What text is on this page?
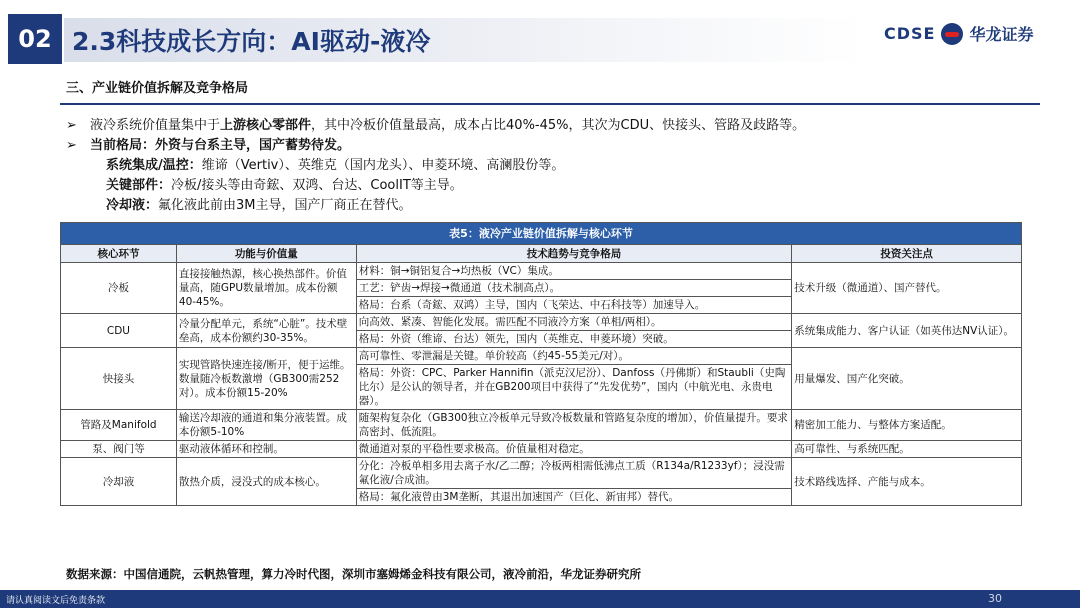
02 2.3科技成长方向：AI驱动-液冷	CDSE 华龙证券
三、产业链价值拆解及竞争格局
➢ 液冷系统价值量集中于上游核心零部件，其中冷板价值量最高，成本占比40%-45%，其次为CDU、快接头、管路及歧路等。
➢ 当前格局：外资与台系主导，国产蓄势待发。
系统集成/温控：维谛（Vertiv）、英维克（国内龙头）、申菱环境、高澜股份等。
关键部件：冷板/接头等由奇鋐、双鸿、台达、CoolIT等主导。
冷却液：氟化液此前由3M主导，国产厂商正在替代。
表5：液冷产业链价值拆解与核心环节			
核心环节	功能与价值量	技术趋势与竞争格局	投资关注点
冷板	直接接触热源，核心换热部件。价值量高，随GPU数量增加。成本份额40-45%。	材料：铜→铜铝复合→均热板（VC）集成。	技术升级（微通道）、国产替代。
		工艺：铲齿→焊接→微通道（技术制高点）。	
		格局：台系（奇鋐、双鸿）主导，国内（飞荣达、中石科技等）加速导入。	
CDU	冷量分配单元，系统“心脏”。技术壁垒高，成本份额约30-35%。	向高效、紧凑、智能化发展。需匹配不同液冷方案（单相/两相）。	系统集成能力、客户认证（如英伟达NV认证）。
		格局：外资（维谛、台达）领先，国内（英维克、申菱环境）突破。	
快接头	实现管路快速连接/断开，便于运维。数量随冷板数激增（GB300需252对）。成本份额15-20%	高可靠性、零泄漏是关键。单价较高（约45-55美元/对）。	用量爆发、国产化突破。
		格局：外资：CPC、Parker Hannifin（派克汉尼汾）、Danfoss（丹佛斯）和Staubli（史陶比尔）是公认的领导者，并在GB200项目中获得了“先发优势”，国内（中航光电、永贵电器）。	
管路及Manifold	输送冷却液的通道和集分液装置。成本份额5-10%	随架构复杂化（GB300独立冷板单元导致冷板数量和管路复杂度的增加），价值量提升。要求高密封、低流阻。	精密加工能力、与整体方案适配。
泵、阀门等	驱动液体循环和控制。	微通道对泵的平稳性要求极高。价值量相对稳定。	高可靠性、与系统匹配。
冷却液	散热介质，浸没式的成本核心。	分化：冷板单相多用去离子水/乙二醇；冷板两相需低沸点工质（R134a/R1233yf）；浸没需氟化液/合成油。	技术路线选择、产能与成本。
		格局：氟化液曾由3M垄断，其退出加速国产（巨化、新宙邦）替代。	
数据来源：中国信通院，云帆热管理，算力冷时代图，深圳市塞姆烯金科技有限公司，液冷前沿，华龙证券研究所
请认真阅读文后免责条款	30
